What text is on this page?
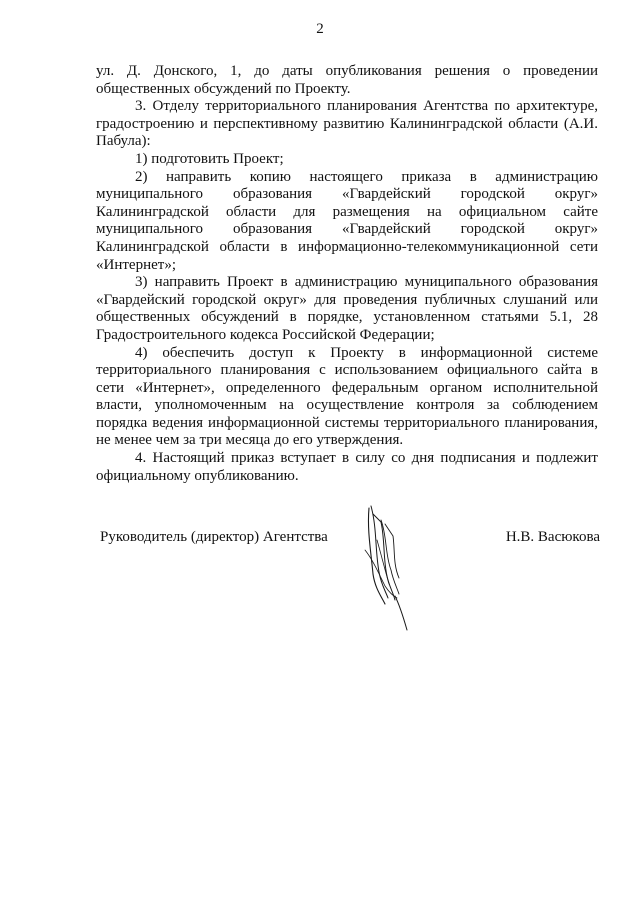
2

ул. Д. Донского, 1, до даты опубликования решения о проведении общественных обсуждений по Проекту.

3. Отделу территориального планирования Агентства по архитектуре, градостроению и перспективному развитию Калининградской области (А.И. Пабула):

1) подготовить Проект;

2) направить копию настоящего приказа в администрацию муниципального образования «Гвардейский городской округ» Калининградской области для размещения на официальном сайте муниципального образования «Гвардейский городской округ» Калининградской области в информационно-телекоммуникационной сети «Интернет»;

3) направить Проект в администрацию муниципального образования «Гвардейский городской округ» для проведения публичных слушаний или общественных обсуждений в порядке, установленном статьями 5.1, 28 Градостроительного кодекса Российской Федерации;

4) обеспечить доступ к Проекту в информационной системе территориального планирования с использованием официального сайта в сети «Интернет», определенного федеральным органом исполнительной власти, уполномоченным на осуществление контроля за соблюдением порядка ведения информационной системы территориального планирования, не менее чем за три месяца до его утверждения.

4. Настоящий приказ вступает в силу со дня подписания и подлежит официальному опубликованию.

Руководитель (директор) Агентства	Н.В. Васюкова
